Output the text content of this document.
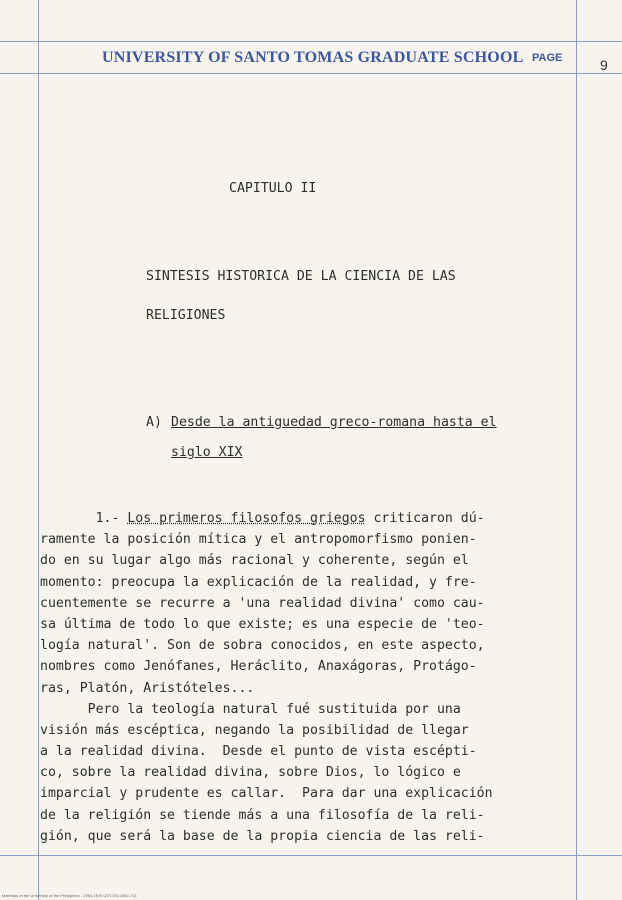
UNIVERSITY OF SANTO TOMAS GRADUATE SCHOOL PAGE	9
CAPITULO II
SINTESIS HISTORICA DE LA CIENCIA DE LAS
RELIGIONES
A) Desde la antiguedad greco-romana hasta el
siglo XIX
1.- Los primeros filosofos griegos criticaron dú-
ramente la posición mítica y el antropomorfismo ponien-
do en su lugar algo más racional y coherente, según el
momento: preocupa la explicación de la realidad, y fre-
cuentemente se recurre a 'una realidad divina' como cau-
sa última de todo lo que existe; es una especie de 'teo-
logía natural'. Son de sobra conocidos, en este aspecto,
nombres como Jenófanes, Heráclito, Anaxágoras, Protágo-
ras, Platón, Aristóteles...
Pero la teología natural fué sustituida por una
visión más escéptica, negando la posibilidad de llegar
a la realidad divina.  Desde el punto de vista escépti-
co, sobre la realidad divina, sobre Dios, lo lógico e
imparcial y prudente es callar.  Para dar una explicación
de la religión se tiende más a una filosofía de la reli-
gión, que será la base de la propia ciencia de las reli-
Materials of the University of the Philippines - 1950-1975 UST-GS-0000-713
